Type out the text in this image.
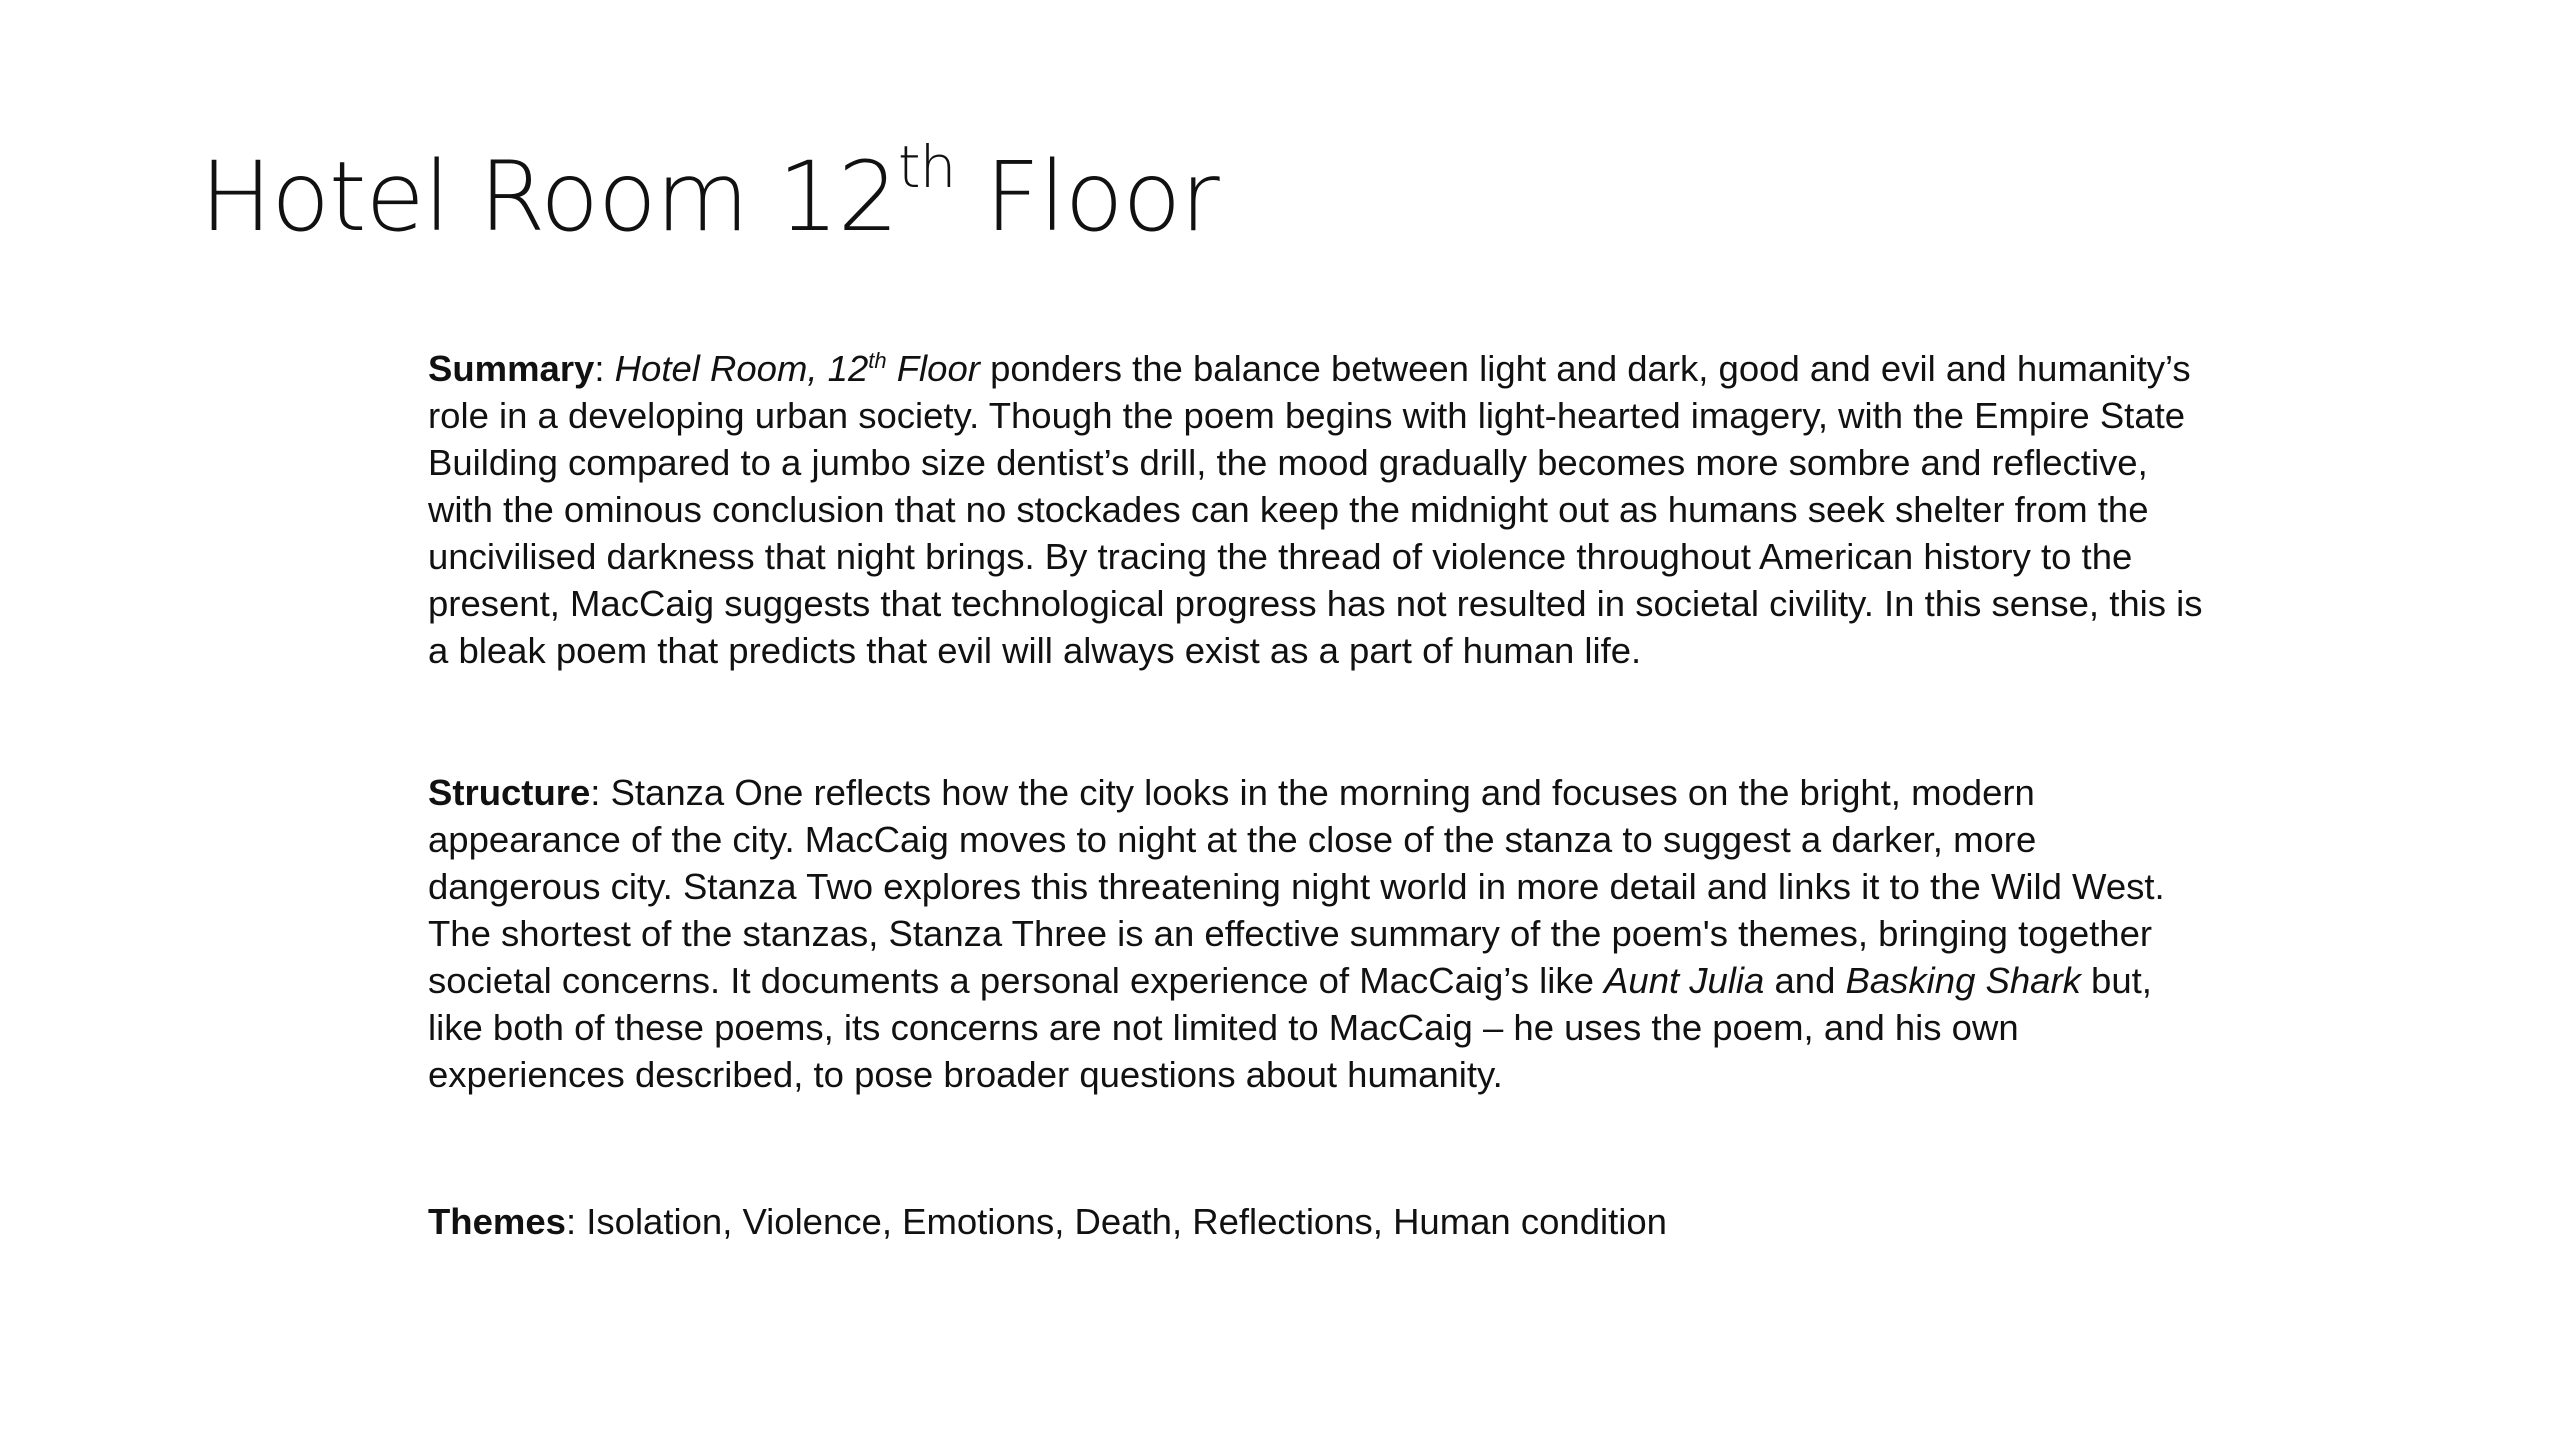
Hotel Room 12th Floor

Summary: Hotel Room, 12th Floor ponders the balance between light and dark, good and evil and humanity’s role in a developing urban society. Though the poem begins with light-hearted imagery, with the Empire State Building compared to a jumbo size dentist’s drill, the mood gradually becomes more sombre and reflective, with the ominous conclusion that no stockades can keep the midnight out as humans seek shelter from the uncivilised darkness that night brings. By tracing the thread of violence throughout American history to the present, MacCaig suggests that technological progress has not resulted in societal civility. In this sense, this is a bleak poem that predicts that evil will always exist as a part of human life.

Structure: Stanza One reflects how the city looks in the morning and focuses on the bright, modern appearance of the city. MacCaig moves to night at the close of the stanza to suggest a darker, more dangerous city. Stanza Two explores this threatening night world in more detail and links it to the Wild West. The shortest of the stanzas, Stanza Three is an effective summary of the poem's themes, bringing together societal concerns. It documents a personal experience of MacCaig’s like Aunt Julia and Basking Shark but, like both of these poems, its concerns are not limited to MacCaig – he uses the poem, and his own experiences described, to pose broader questions about humanity.

Themes: Isolation, Violence, Emotions, Death, Reflections, Human condition
